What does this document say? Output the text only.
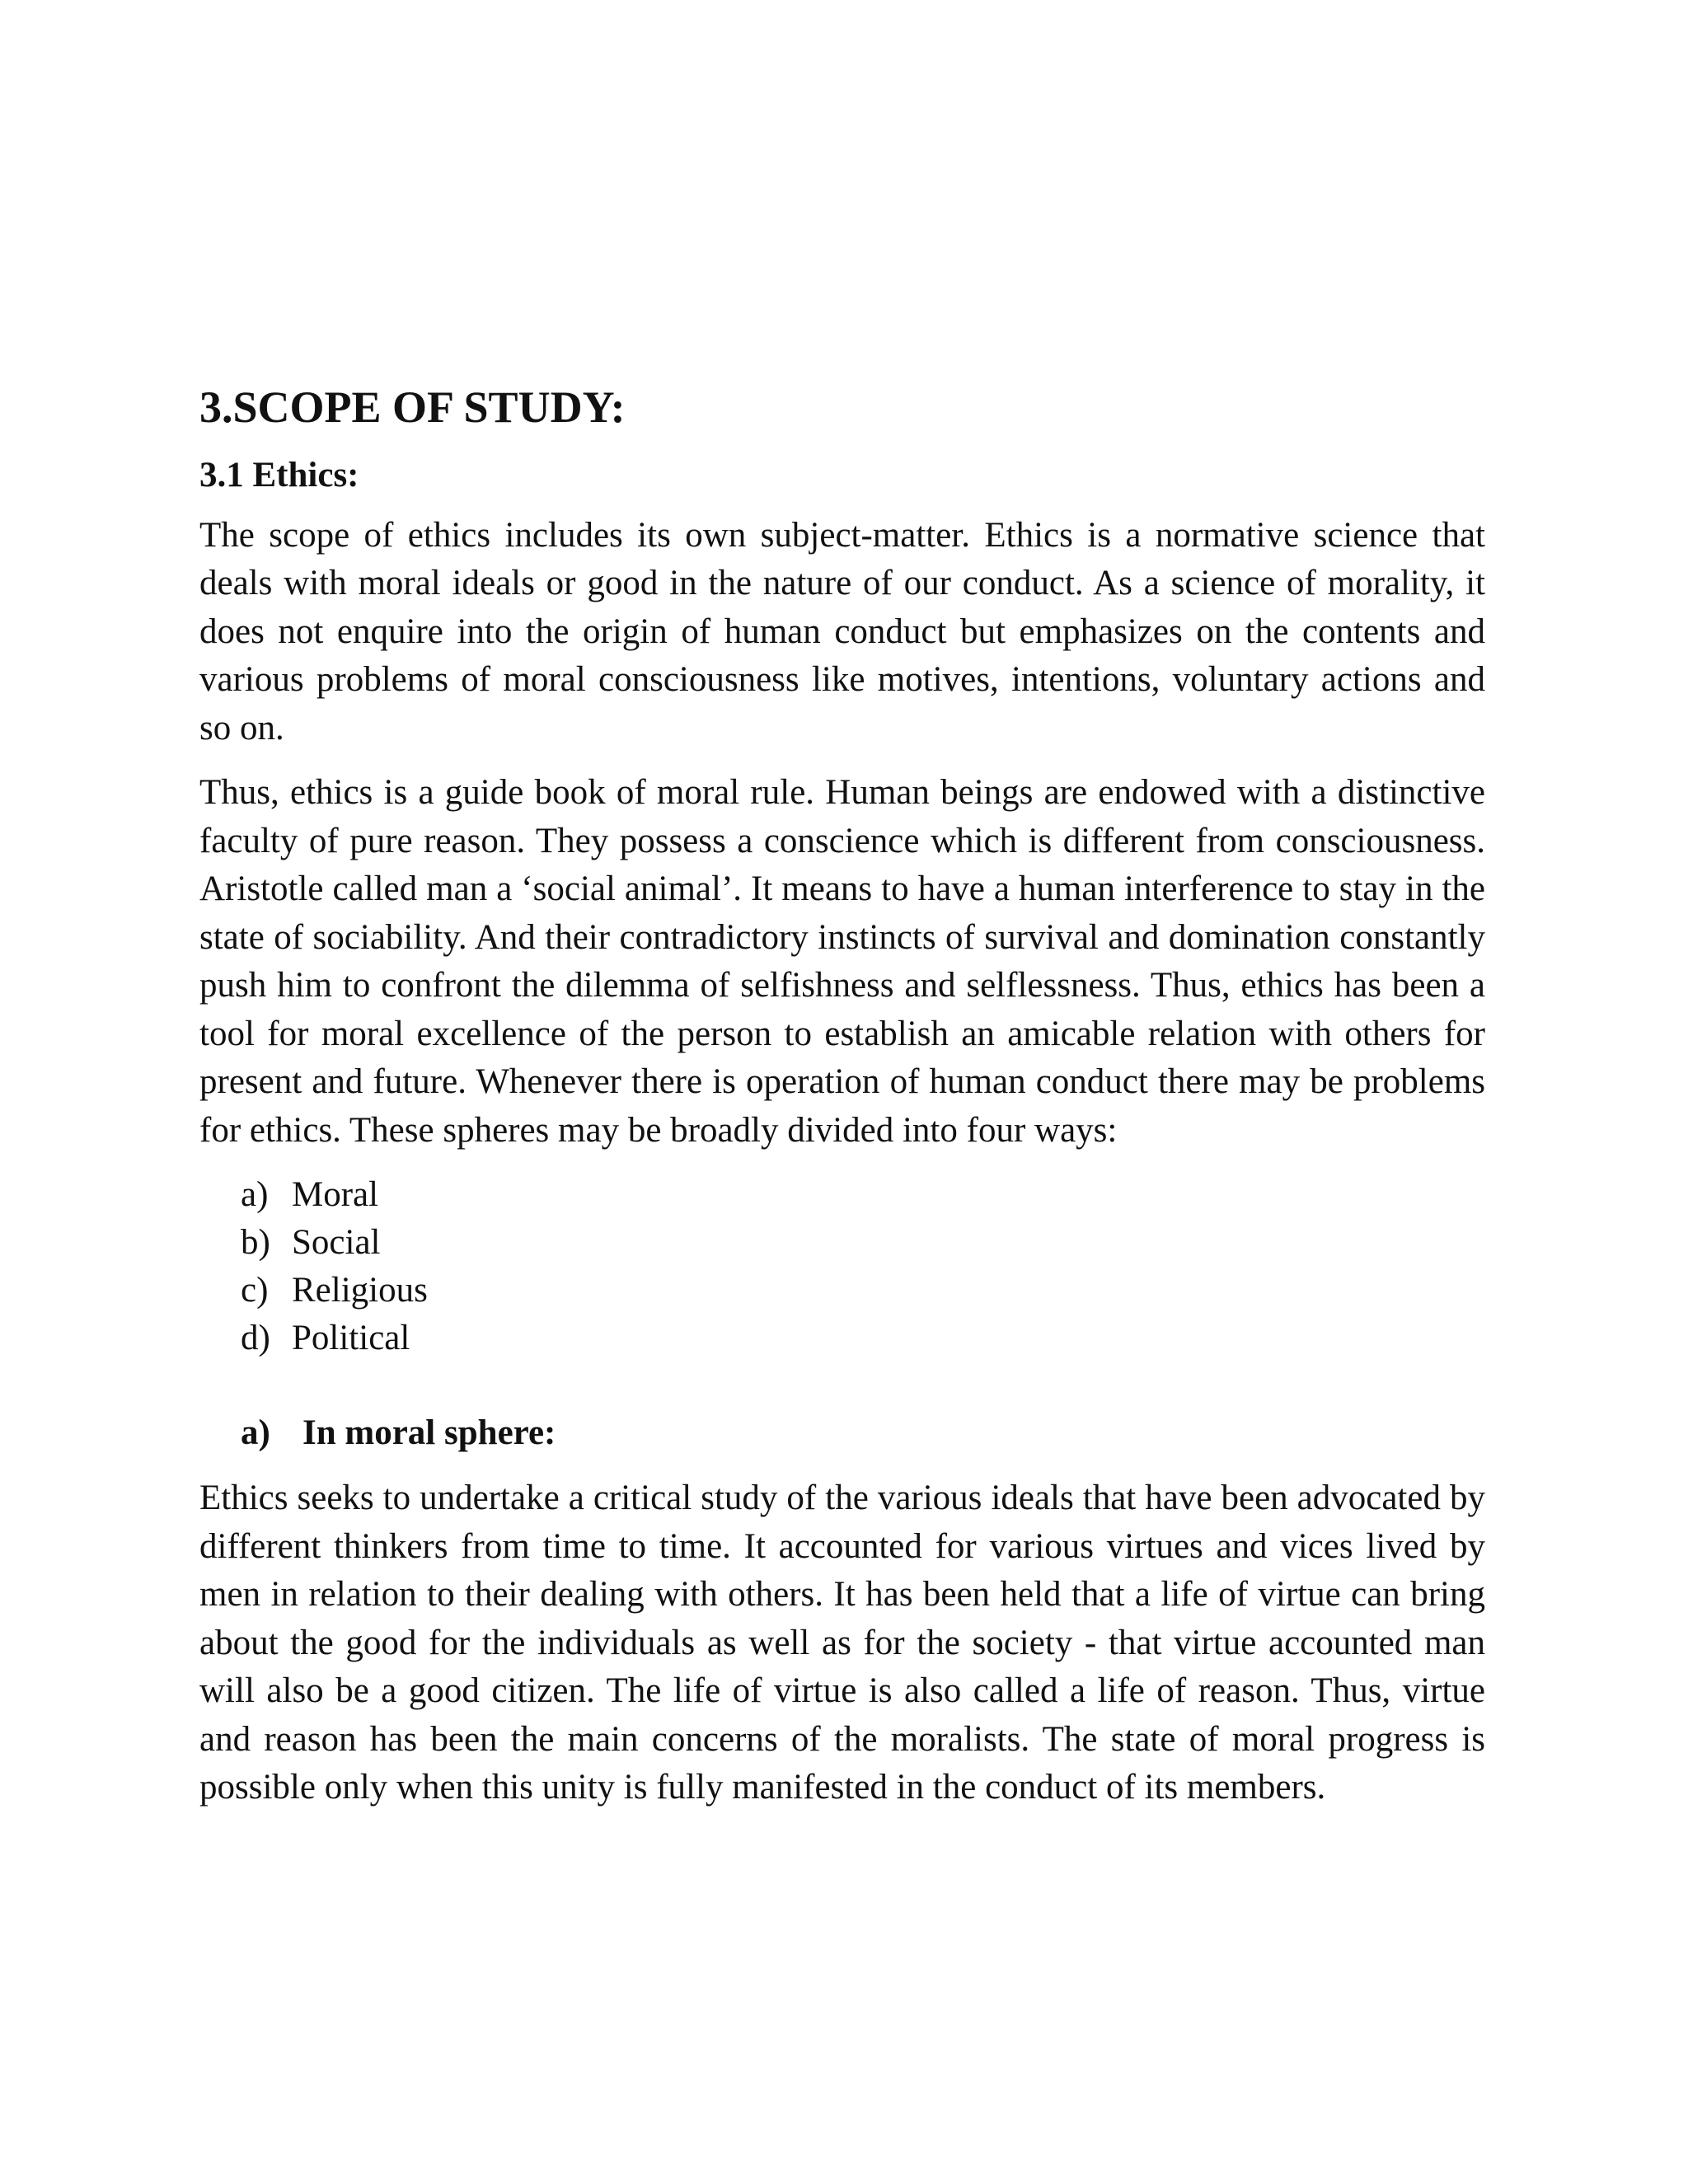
3.SCOPE OF STUDY:
3.1 Ethics:

The scope of ethics includes its own subject-matter. Ethics is a normative science that deals with moral ideals or good in the nature of our conduct. As a science of morality, it does not enquire into the origin of human conduct but emphasizes on the contents and various problems of moral consciousness like motives, intentions, voluntary actions and so on.

Thus, ethics is a guide book of moral rule. Human beings are endowed with a distinctive faculty of pure reason. They possess a conscience which is different from consciousness. Aristotle called man a ‘social animal’. It means to have a human interference to stay in the state of sociability. And their contradictory instincts of survival and domination constantly push him to confront the dilemma of selfishness and selflessness. Thus, ethics has been a tool for moral excellence of the person to establish an amicable relation with others for present and future. Whenever there is operation of human conduct there may be problems for ethics. These spheres may be broadly divided into four ways:

a) Moral
b) Social
c) Religious
d) Political
a) In moral sphere:

Ethics seeks to undertake a critical study of the various ideals that have been advocated by different thinkers from time to time. It accounted for various virtues and vices lived by men in relation to their dealing with others. It has been held that a life of virtue can bring about the good for the individuals as well as for the society - that virtue accounted man will also be a good citizen. The life of virtue is also called a life of reason. Thus, virtue and reason has been the main concerns of the moralists. The state of moral progress is possible only when this unity is fully manifested in the conduct of its members.
